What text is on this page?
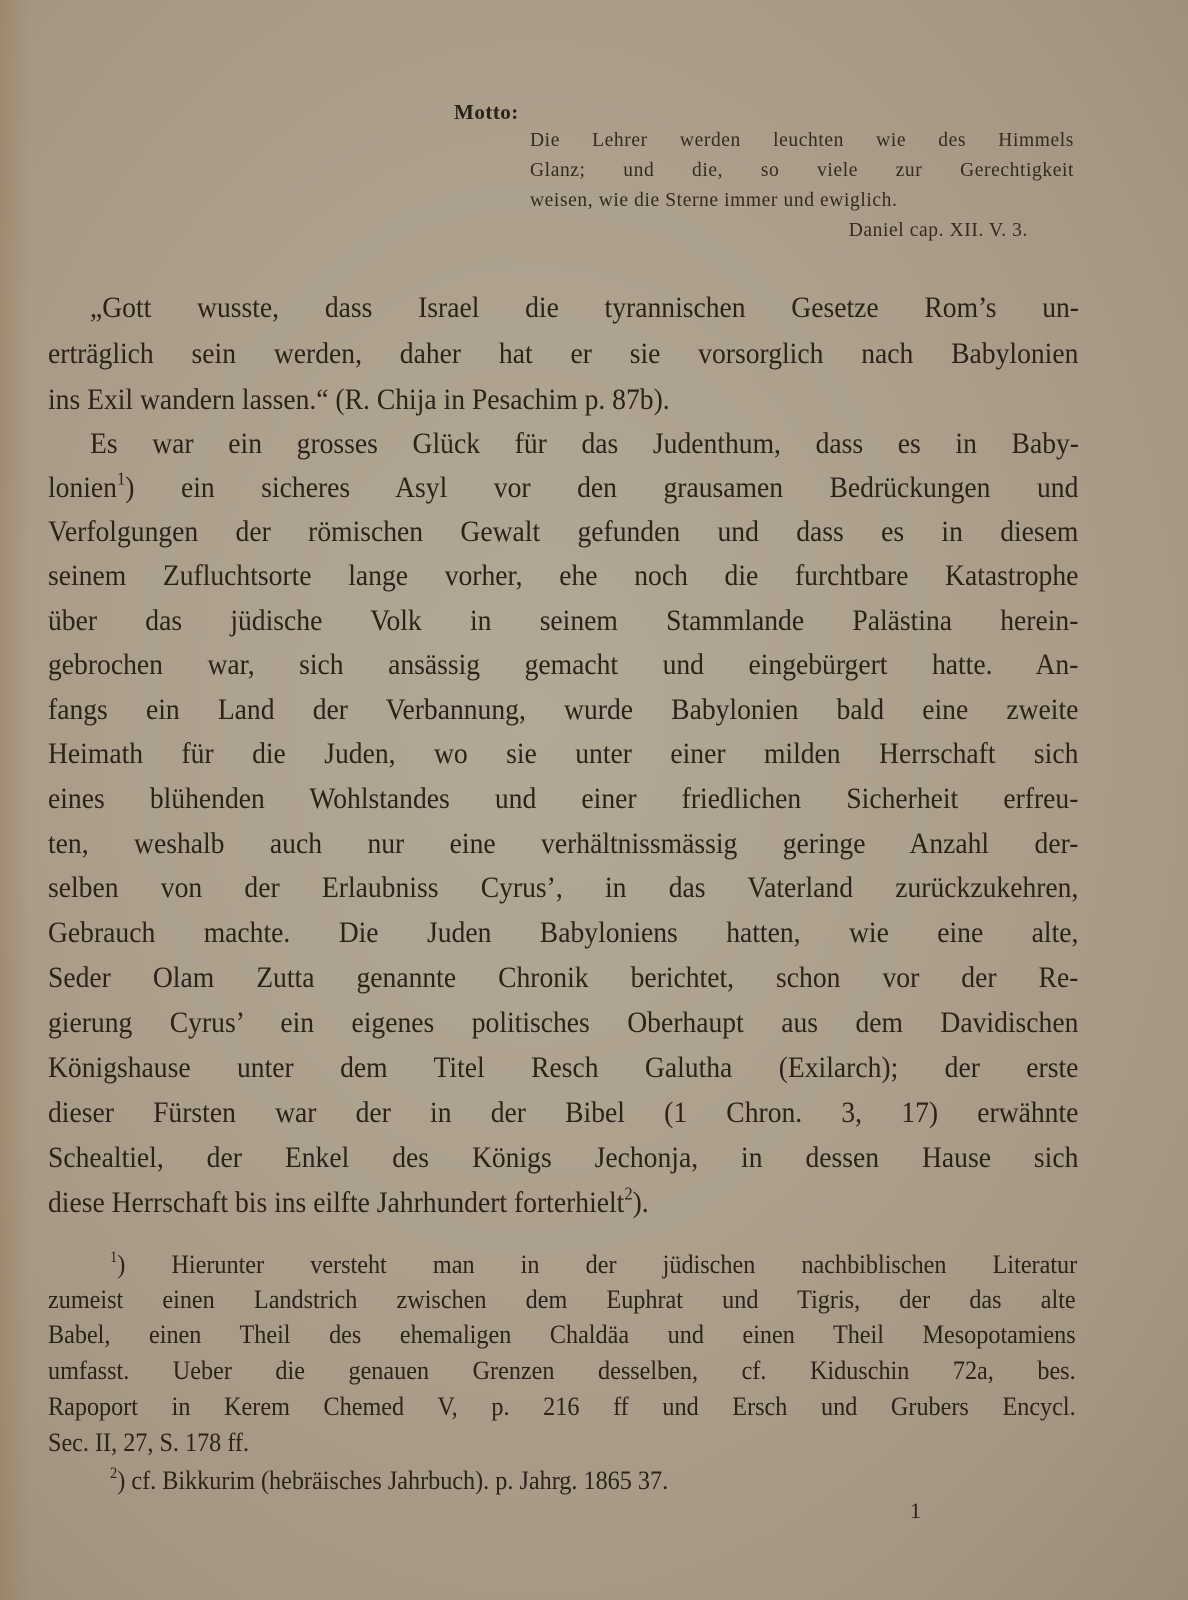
Motto:
Die Lehrer werden leuchten wie des Himmels
Glanz; und die, so viele zur Gerechtigkeit
weisen, wie die Sterne immer und ewiglich.
Daniel cap. XII. V. 3.
„Gott wusste, dass Israel die tyrannischen Gesetze Rom’s un-
erträglich sein werden, daher hat er sie vorsorglich nach Babylonien
ins Exil wandern lassen.“ (R. Chija in Pesachim p. 87b).
Es war ein grosses Glück für das Judenthum, dass es in Baby-
lonien$^1$) ein sicheres Asyl vor den grausamen Bedrückungen und
Verfolgungen der römischen Gewalt gefunden und dass es in diesem
seinem Zufluchtsorte lange vorher, ehe noch die furchtbare Katastrophe
über das jüdische Volk in seinem Stammlande Palästina herein-
gebrochen war, sich ansässig gemacht und eingebürgert hatte. An-
fangs ein Land der Verbannung, wurde Babylonien bald eine zweite
Heimath für die Juden, wo sie unter einer milden Herrschaft sich
eines blühenden Wohlstandes und einer friedlichen Sicherheit erfreu-
ten, weshalb auch nur eine verhältnissmässig geringe Anzahl der-
selben von der Erlaubniss Cyrus’, in das Vaterland zurückzukehren,
Gebrauch machte. Die Juden Babyloniens hatten, wie eine alte,
Seder Olam Zutta genannte Chronik berichtet, schon vor der Re-
gierung Cyrus’ ein eigenes politisches Oberhaupt aus dem Davidischen
Königshause unter dem Titel Resch Galutha (Exilarch); der erste
dieser Fürsten war der in der Bibel (1 Chron. 3, 17) erwähnte
Schealtiel, der Enkel des Königs Jechonja, in dessen Hause sich
diese Herrschaft bis ins eilfte Jahrhundert forterhielt$^2$).
$^1$) Hierunter versteht man in der jüdischen nachbiblischen Literatur
zumeist einen Landstrich zwischen dem Euphrat und Tigris, der das alte
Babel, einen Theil des ehemaligen Chaldäa und einen Theil Mesopotamiens
umfasst. Ueber die genauen Grenzen desselben, cf. Kiduschin 72a, bes.
Rapoport in Kerem Chemed V, p. 216 ff und Ersch und Grubers Encycl.
Sec. II, 27, S. 178 ff.
$^2$) cf. Bikkurim (hebräisches Jahrbuch). p. Jahrg. 1865 37.
1
